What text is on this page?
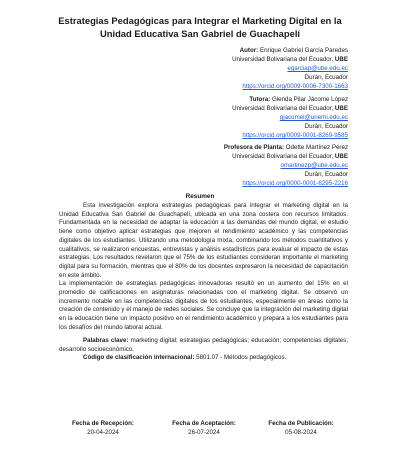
Estrategias Pedagógicas para Integrar el Marketing Digital en la Unidad Educativa San Gabriel de Guachapelí
Autor: Enrique Gabriel García Paredes
Universidad Bolivariana del Ecuador, UBE
egarciap@ube.edu.ec
Durán, Ecuador
https://orcid.org/0009-0006-7300-1663
Tutora: Glenda Pilar Jácome López
Universidad Bolivariana del Ecuador, UBE
gjacomel@unemi.edu.ec
Durán, Ecuador
https://orcid.org/0009-0001-8269-9585
Profesora de Planta: Odette Martínez Pérez
Universidad Bolivariana del Ecuador, UBE
omartinezp@ube.edu.ec
Durán, Ecuador
https://orcid.org/0000-0001-6295-2216
Resumen

Esta investigación explora estrategias pedagógicas para integrar el marketing digital en la Unidad Educativa San Gabriel de Guachapelí, ubicada en una zona costera con recursos limitados. Fundamentada en la necesidad de adaptar la educación a las demandas del mundo digital, el estudio tiene como objetivo aplicar estrategias que mejoren el rendimiento académico y las competencias digitales de los estudiantes. Utilizando una metodología mixta, combinando los métodos cuantitativos y cualitativos, se realizaron encuestas, entrevistas y análisis estadísticos para evaluar el impacto de estas estrategias. Los resultados revelaron que el 75% de los estudiantes consideran importante el marketing digital para su formación, mientras que el 80% de los docentes expresaron la necesidad de capacitación en este ámbito.

La implementación de estrategias pedagógicas innovadoras resultó en un aumento del 15% en el promedio de calificaciones en asignaturas relacionadas con el marketing digital. Se observó un incremento notable en las competencias digitales de los estudiantes, especialmente en áreas como la creación de contenido y el manejo de redes sociales. Se concluye que la integración del marketing digital en la educación tiene un impacto positivo en el rendimiento académico y prepara a los estudiantes para los desafíos del mundo laboral actual.

Palabras clave: marketing digital; estrategias pedagógicas; educación; competencias digitales; desarrollo socioeconómico.

Código de clasificación internacional: 5801.07 - Métodos pedagógicos.

Fecha de Recepción:
20-04-2024
Fecha de Aceptación:
26-07-2024
Fecha de Publicación:
05-08-2024
